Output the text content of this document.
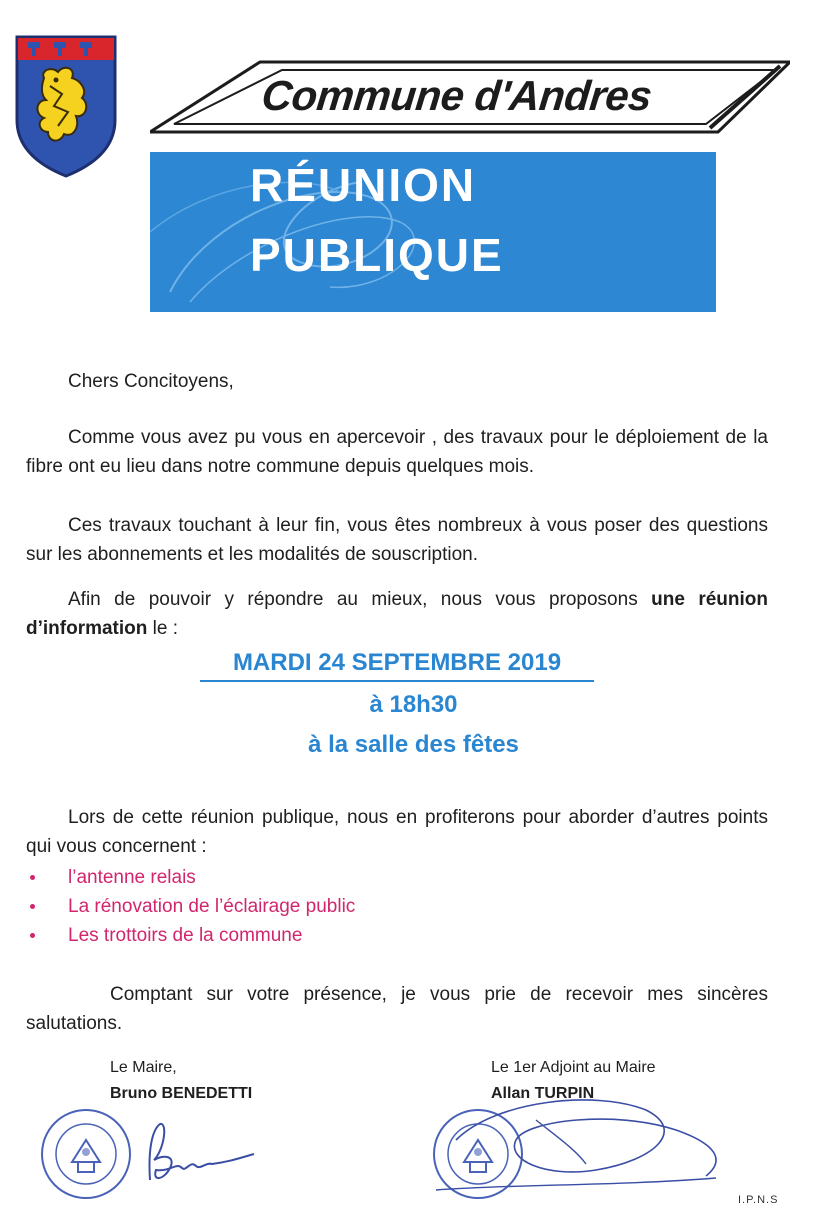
Commune d'Andres
RÉUNION
PUBLIQUE
Chers Concitoyens,
Comme vous avez pu vous en apercevoir , des travaux pour le déploiement de la fibre ont eu lieu dans notre commune depuis quelques mois.
Ces travaux touchant à leur fin, vous êtes nombreux à vous poser des questions sur les abonnements et les modalités de souscription.
Afin de pouvoir y répondre au mieux, nous vous proposons une réunion d’information le :
MARDI 24 SEPTEMBRE 2019
à 18h30
à la salle des fêtes
Lors de cette réunion publique, nous en profiterons pour aborder d’autres points qui vous concernent :
l’antenne relais
La rénovation de l’éclairage public
Les trottoirs de la commune
Comptant sur votre présence, je vous prie de recevoir mes sincères salutations.
Le Maire,
Bruno BENEDETTI
Le 1er Adjoint au Maire
Allan TURPIN
I.P.N.S
